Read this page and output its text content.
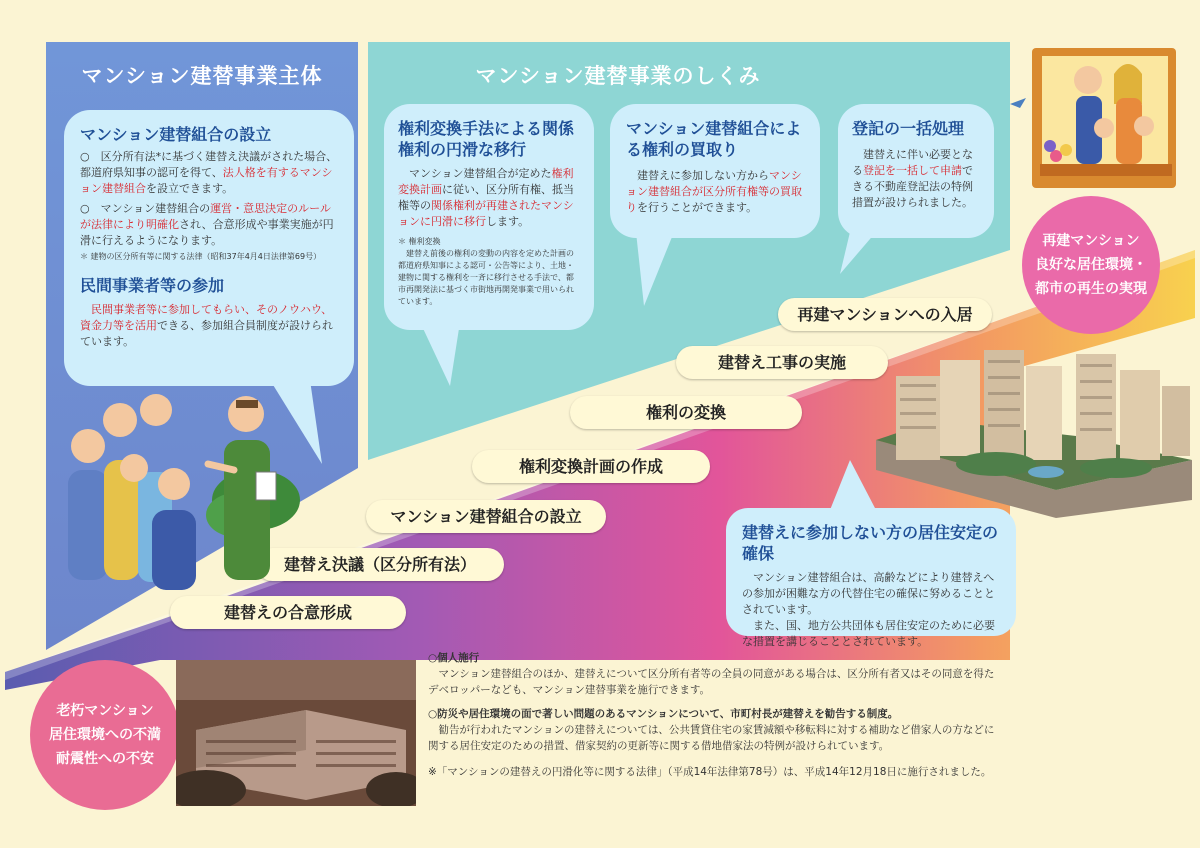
マンション建替事業主体	マンション建替事業のしくみ
マンション建替組合の設立

○　区分所有法*に基づく建替え決議がされた場合、都道府県知事の認可を得て、法人格を有するマンション建替組合を設立できます。

○　マンション建替組合の運営・意思決定のルールが法律により明確化され、合意形成や事業実施が円滑に行えるようになります。

＊ 建物の区分所有等に関する法律（昭和37年4月4日法律第69号）

民間事業者等の参加

民間事業者等に参加してもらい、そのノウハウ、資金力等を活用できる、参加組合員制度が設けられています。

権利変換手法による関係権利の円滑な移行

マンション建替組合が定めた権利変換計画に従い、区分所有権、抵当権等の関係権利が再建されたマンションに円滑に移行します。

＊ 権利変換

建替え前後の権利の変動の内容を定めた計画の都道府県知事による認可・公告等により、土地・建物に関する権利を一斉に移行させる手法で、都市再開発法に基づく市街地再開発事業で用いられています。

マンション建替組合による権利の買取り

建替えに参加しない方からマンション建替組合が区分所有権等の買取りを行うことができます。

登記の一括処理

建替えに伴い必要となる登記を一括して申請できる不動産登記法の特例措置が設けられました。

建替えに参加しない方の居住安定の確保

マンション建替組合は、高齢などにより建替えへの参加が困難な方の代替住宅の確保に努めることとされています。

また、国、地方公共団体も居住安定のために必要な措置を講じることとされています。

建替えの合意形成
建替え決議（区分所有法）
マンション建替組合の設立
権利変換計画の作成
権利の変換
建替え工事の実施
再建マンションへの入居
再建マンション
良好な居住環境・
都市の再生の実現
老朽マンション
居住環境への不満
耐震性への不安

○個人施行

マンション建替組合のほか、建替えについて区分所有者等の全員の同意がある場合は、区分所有者又はその同意を得たデベロッパーなども、マンション建替事業を施行できます。

○防災や居住環境の面で著しい問題のあるマンションについて、市町村長が建替えを勧告する制度。

勧告が行われたマンションの建替えについては、公共賃貸住宅の家賃減額や移転料に対する補助など借家人の方などに関する居住安定のための措置、借家契約の更新等に関する借地借家法の特例が設けられています。

※「マンションの建替えの円滑化等に関する法律」（平成14年法律第78号）は、平成14年12月18日に施行されました。
